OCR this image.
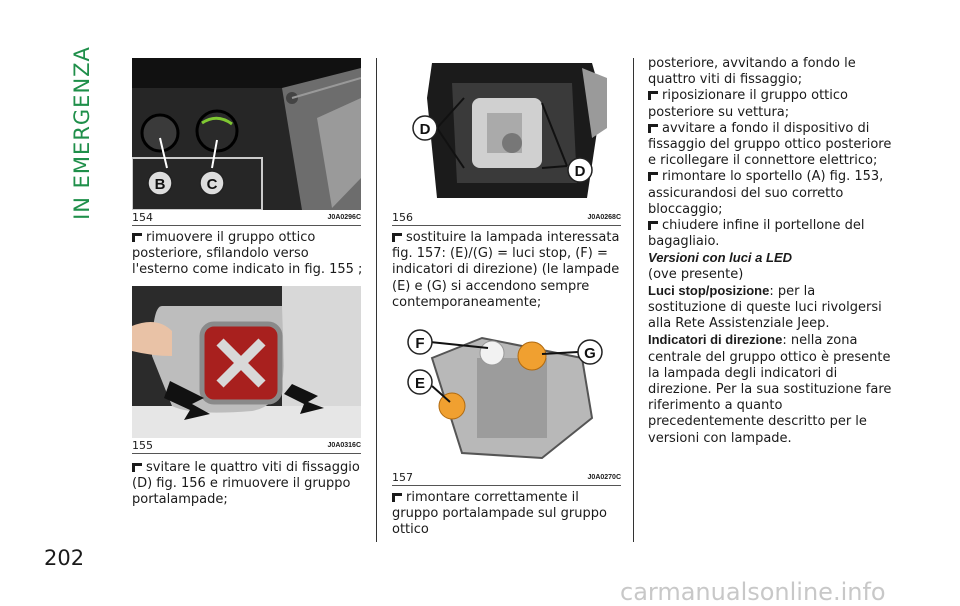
IN EMERGENZA
202
B	C
154	J0A0296C

rimuovere il gruppo ottico posteriore, sfilandolo verso l'esterno come indicato in fig. 155 ;

155	J0A0316C

svitare le quattro viti di fissaggio (D) fig. 156 e rimuovere il gruppo portalampade;

D
D
156	J0A0268C

sostituire la lampada interessata fig. 157: (E)/(G) = luci stop, (F) = indicatori di direzione) (le lampade (E) e (G) si accendono sempre contemporaneamente;

F
G
E
157	J0A0270C

rimontare correttamente il gruppo portalampade sul gruppo ottico

posteriore, avvitando a fondo le quattro viti di fissaggio;

riposizionare il gruppo ottico posteriore su vettura;

avvitare a fondo il dispositivo di fissaggio del gruppo ottico posteriore e ricollegare il connettore elettrico;

rimontare lo sportello (A) fig. 153, assicurandosi del suo corretto bloccaggio;

chiudere infine il portellone del bagagliaio.

Versioni con luci a LED

(ove presente)

Luci stop/posizione: per la sostituzione di queste luci rivolgersi alla Rete Assistenziale Jeep.

Indicatori di direzione: nella zona centrale del gruppo ottico è presente la lampada degli indicatori di direzione. Per la sua sostituzione fare riferimento a quanto precedentemente descritto per le versioni con lampade.

carmanualsonline.info
